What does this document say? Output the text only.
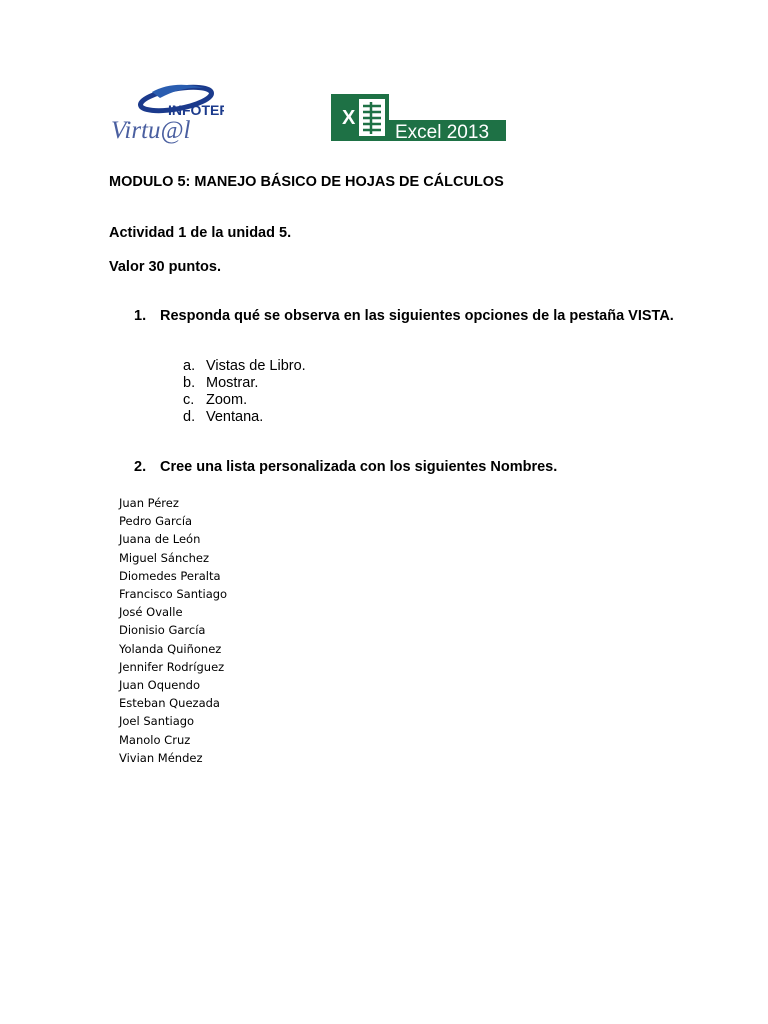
INFOTEP
Virtu@l	X
Excel 2013
MODULO 5: MANEJO BÁSICO DE HOJAS DE CÁLCULOS
Actividad 1 de la unidad 5.
Valor 30 puntos.
1. Responda qué se observa en las siguientes opciones de la pestaña VISTA.
a. Vistas de Libro.
b. Mostrar.
c. Zoom.
d. Ventana.
2. Cree una lista personalizada con los siguientes Nombres.
Juan Pérez
Pedro García
Juana de León
Miguel Sánchez
Diomedes Peralta
Francisco Santiago
José Ovalle
Dionisio García
Yolanda Quiñonez
Jennifer Rodríguez
Juan Oquendo
Esteban Quezada
Joel Santiago
Manolo Cruz
Vivian Méndez
